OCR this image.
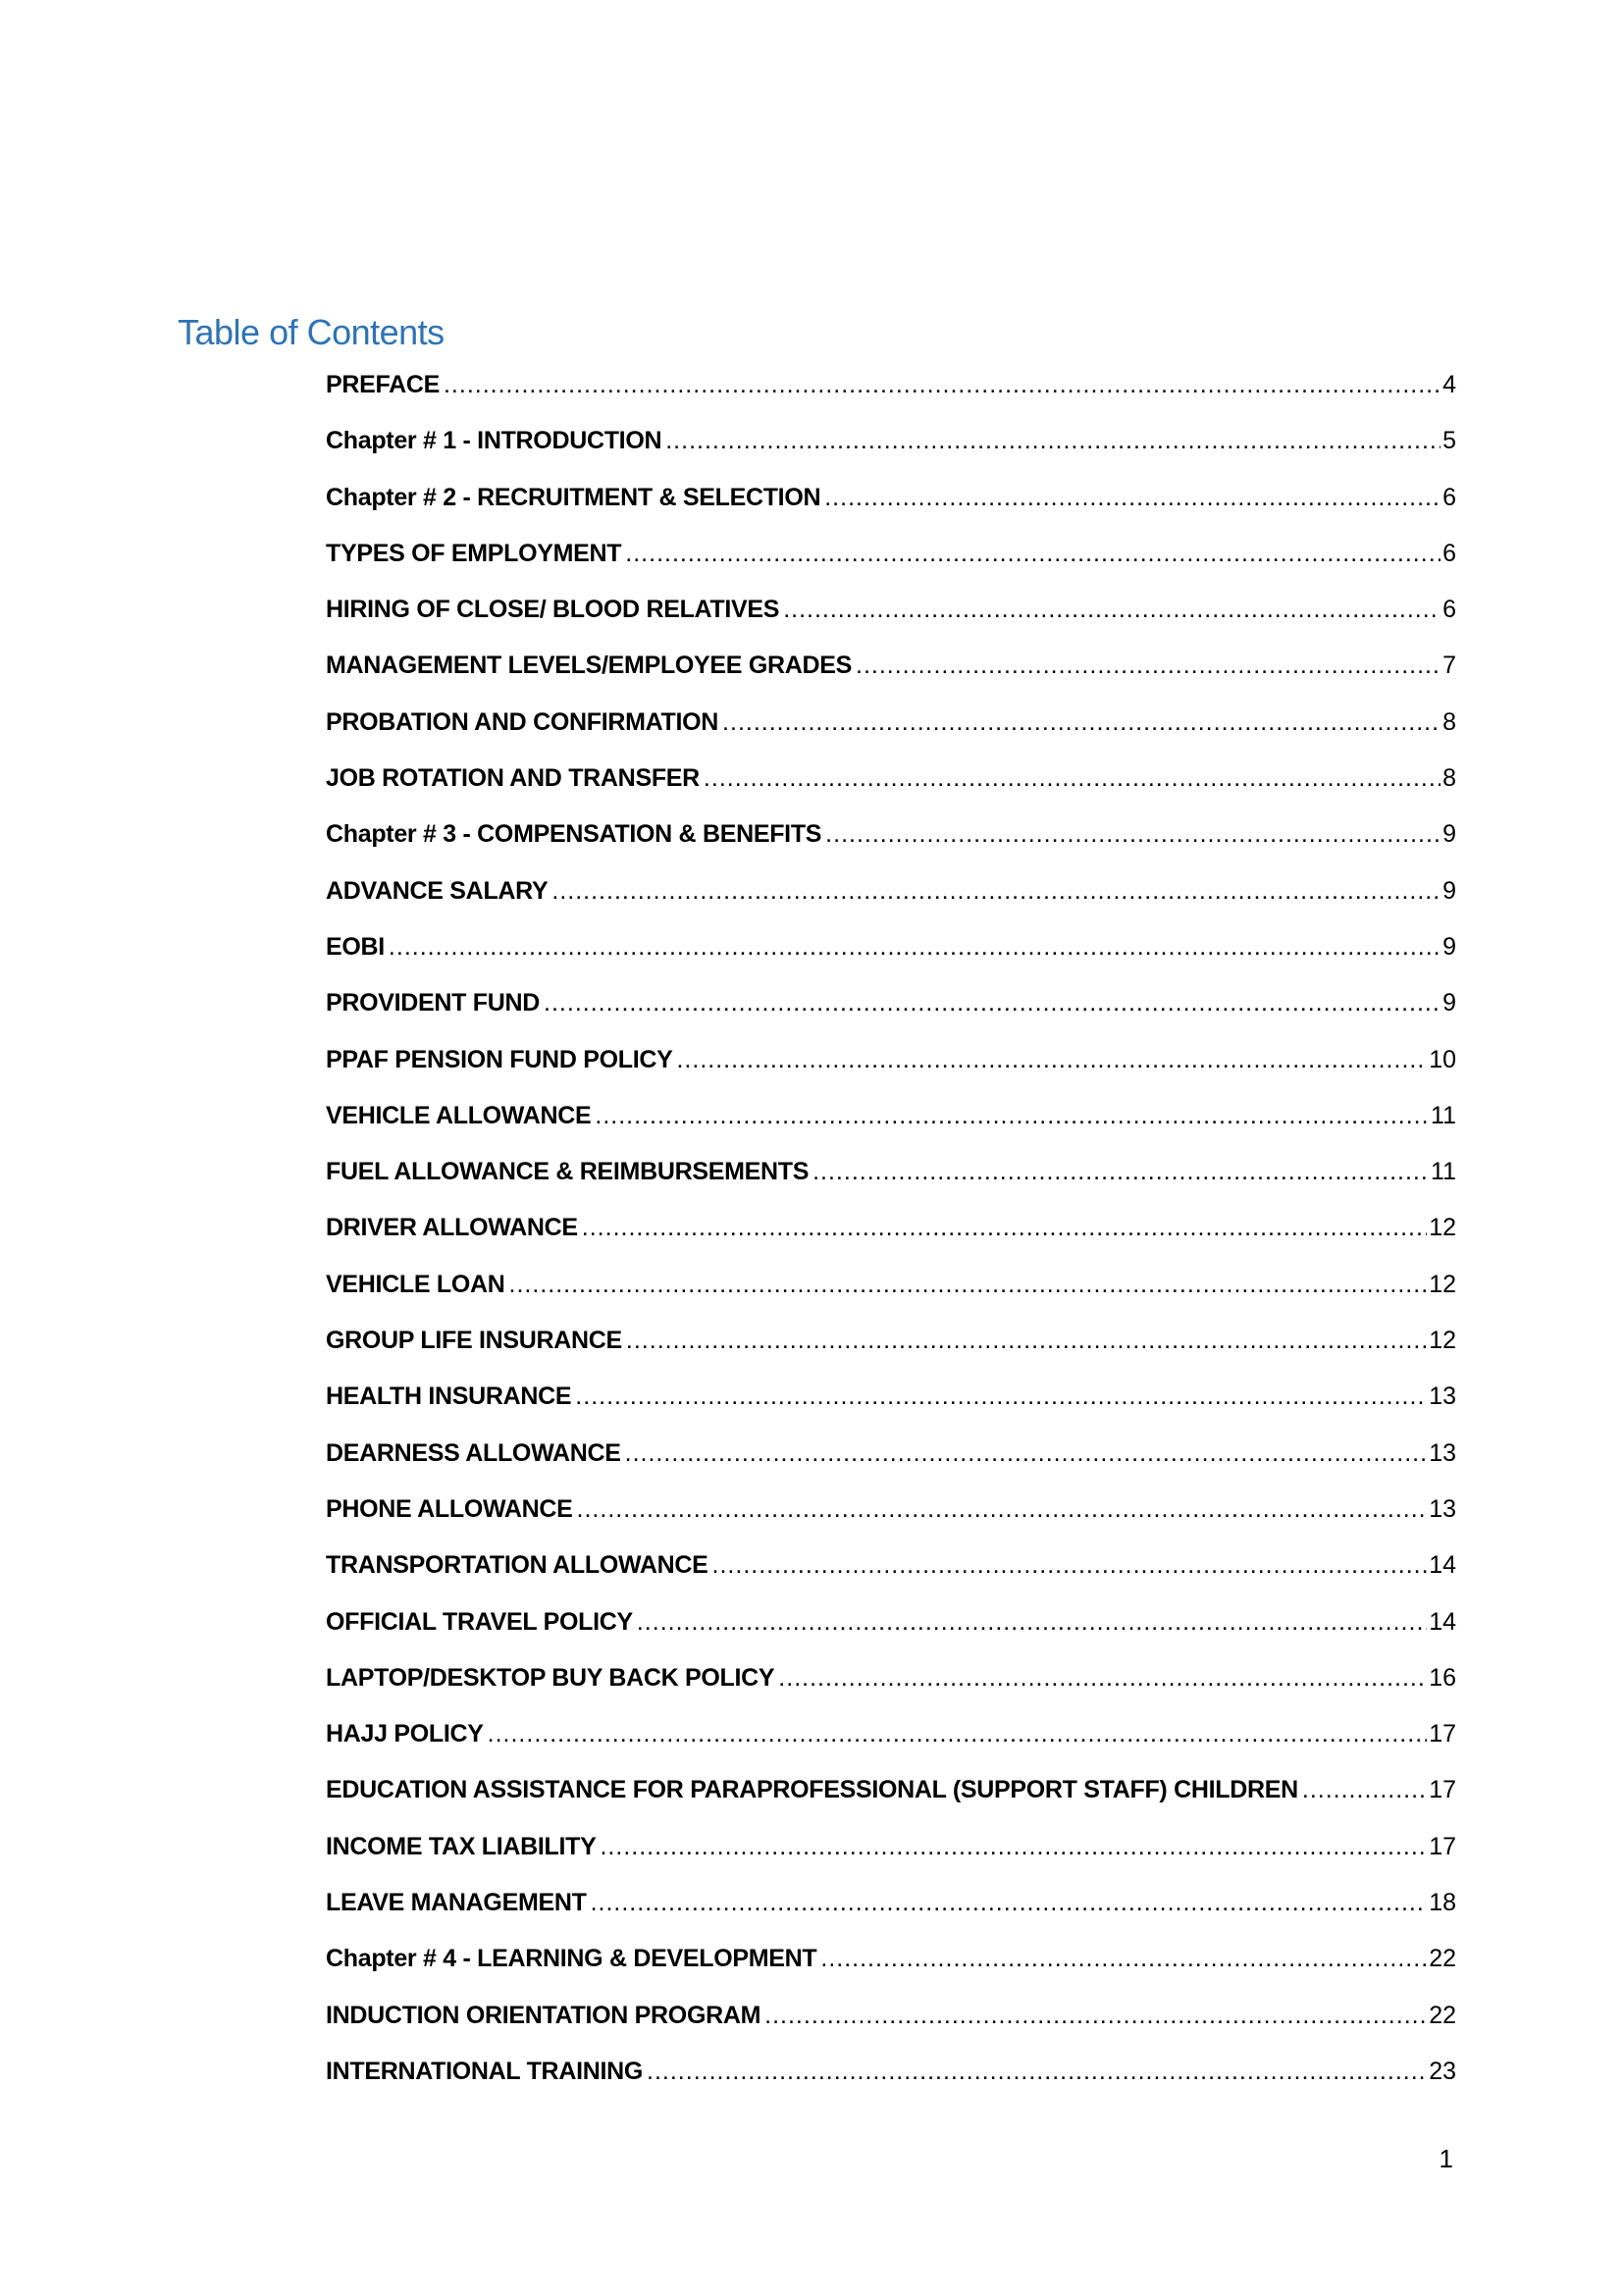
Table of Contents
PREFACE .....	4
Chapter # 1 - INTRODUCTION .....	5
Chapter # 2 - RECRUITMENT & SELECTION .....	6
TYPES OF EMPLOYMENT .....	6
HIRING OF CLOSE/ BLOOD RELATIVES .....	6
MANAGEMENT LEVELS/EMPLOYEE GRADES .....	7
PROBATION AND CONFIRMATION .....	8
JOB ROTATION AND TRANSFER .....	8
Chapter # 3 - COMPENSATION & BENEFITS .....	9
ADVANCE SALARY .....	9
EOBI .....	9
PROVIDENT FUND .....	9
PPAF PENSION FUND POLICY .....	10
VEHICLE ALLOWANCE .....	11
FUEL ALLOWANCE & REIMBURSEMENTS .....	11
DRIVER ALLOWANCE .....	12
VEHICLE LOAN .....	12
GROUP LIFE INSURANCE .....	12
HEALTH INSURANCE .....	13
DEARNESS ALLOWANCE .....	13
PHONE ALLOWANCE .....	13
TRANSPORTATION ALLOWANCE .....	14
OFFICIAL TRAVEL POLICY .....	14
LAPTOP/DESKTOP BUY BACK POLICY .....	16
HAJJ POLICY .....	17
EDUCATION ASSISTANCE FOR PARAPROFESSIONAL (SUPPORT STAFF) CHILDREN .....	17
INCOME TAX LIABILITY .....	17
LEAVE MANAGEMENT .....	18
Chapter # 4 - LEARNING & DEVELOPMENT .....	22
INDUCTION ORIENTATION PROGRAM .....	22
INTERNATIONAL TRAINING .....	23
1
